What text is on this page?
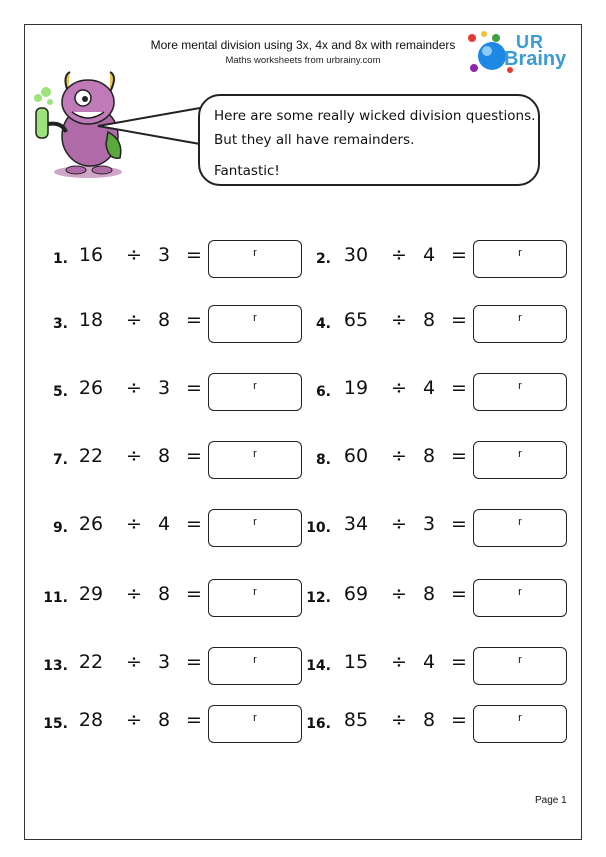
More mental division using 3x, 4x and 8x with remainders
Maths worksheets from urbrainy.com
UR
Brainy
Here are some really wicked division questions.
But they all have remainders.
Fantastic!
1. 16 ÷ 3 =	r	2. 30 ÷ 4 =	r
3. 18 ÷ 8 =	r	4. 65 ÷ 8 =	r
5. 26 ÷ 3 =	r	6. 19 ÷ 4 =	r
7. 22 ÷ 8 =	r	8. 60 ÷ 8 =	r
9. 26 ÷ 4 =	r	10. 34 ÷ 3 =	r
11. 29 ÷ 8 =	r	12. 69 ÷ 8 =	r
13. 22 ÷ 3 =	r	14. 15 ÷ 4 =	r
15. 28 ÷ 8 =	r	16. 85 ÷ 8 =	r
Page 1
